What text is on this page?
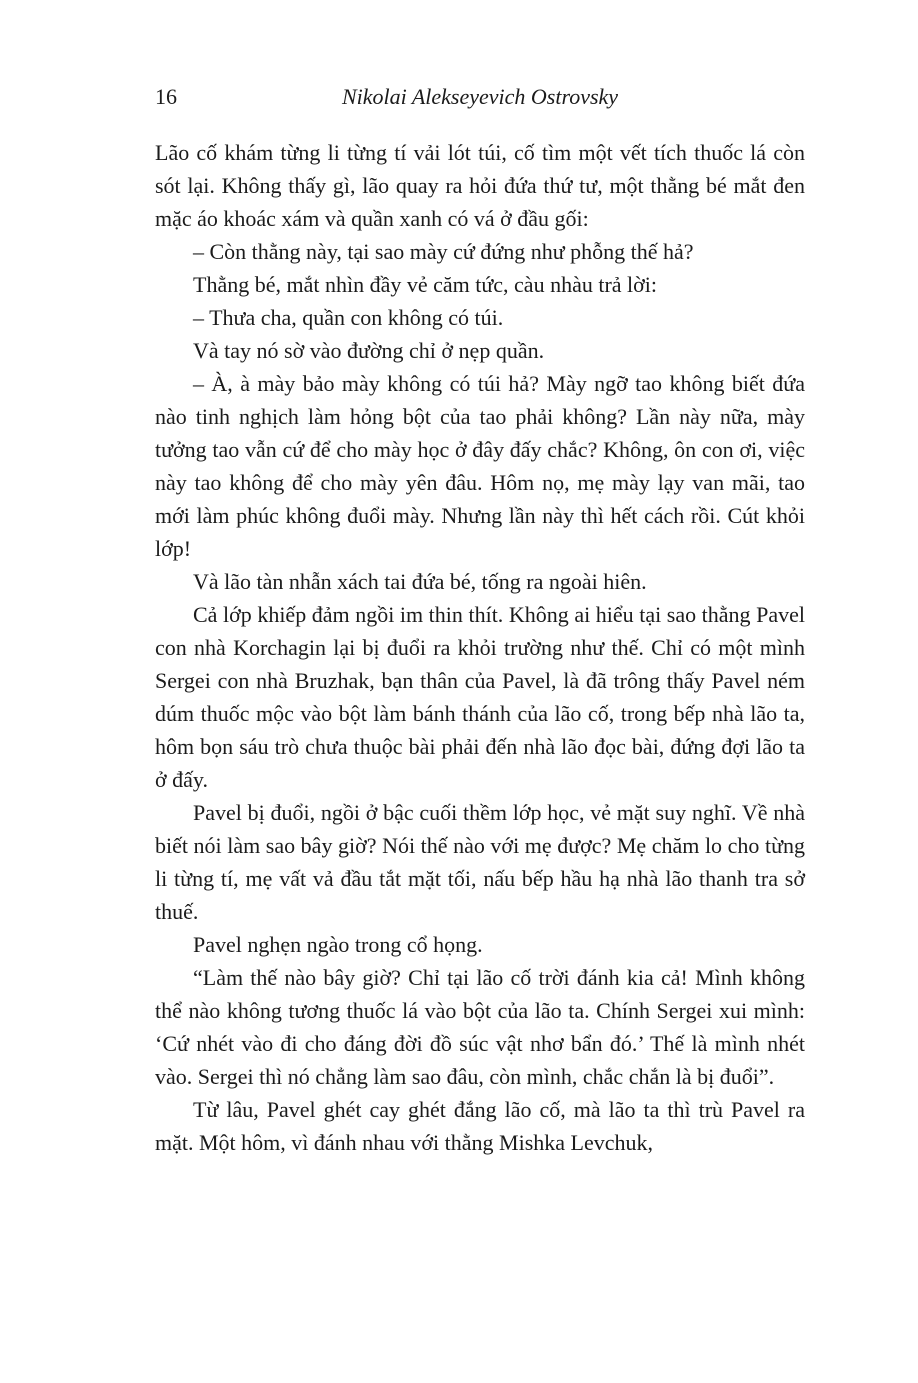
16	Nikolai Alekseyevich Ostrovsky

Lão cố khám từng li từng tí vải lót túi, cố tìm một vết tích thuốc lá còn sót lại. Không thấy gì, lão quay ra hỏi đứa thứ tư, một thằng bé mắt đen mặc áo khoác xám và quần xanh có vá ở đầu gối:

– Còn thằng này, tại sao mày cứ đứng như phỗng thế hả?

Thằng bé, mắt nhìn đầy vẻ căm tức, càu nhàu trả lời:

– Thưa cha, quần con không có túi.

Và tay nó sờ vào đường chỉ ở nẹp quần.

– À, à mày bảo mày không có túi hả? Mày ngỡ tao không biết đứa nào tinh nghịch làm hỏng bột của tao phải không? Lần này nữa, mày tưởng tao vẫn cứ để cho mày học ở đây đấy chắc? Không, ôn con ơi, việc này tao không để cho mày yên đâu. Hôm nọ, mẹ mày lạy van mãi, tao mới làm phúc không đuổi mày. Nhưng lần này thì hết cách rồi. Cút khỏi lớp!

Và lão tàn nhẫn xách tai đứa bé, tống ra ngoài hiên.

Cả lớp khiếp đảm ngồi im thin thít. Không ai hiểu tại sao thằng Pavel con nhà Korchagin lại bị đuổi ra khỏi trường như thế. Chỉ có một mình Sergei con nhà Bruzhak, bạn thân của Pavel, là đã trông thấy Pavel ném dúm thuốc mộc vào bột làm bánh thánh của lão cố, trong bếp nhà lão ta, hôm bọn sáu trò chưa thuộc bài phải đến nhà lão đọc bài, đứng đợi lão ta ở đấy.

Pavel bị đuổi, ngồi ở bậc cuối thềm lớp học, vẻ mặt suy nghĩ. Về nhà biết nói làm sao bây giờ? Nói thế nào với mẹ được? Mẹ chăm lo cho từng li từng tí, mẹ vất vả đầu tắt mặt tối, nấu bếp hầu hạ nhà lão thanh tra sở thuế.

Pavel nghẹn ngào trong cổ họng.

“Làm thế nào bây giờ? Chỉ tại lão cố trời đánh kia cả! Mình không thể nào không tương thuốc lá vào bột của lão ta. Chính Sergei xui mình: ‘Cứ nhét vào đi cho đáng đời đồ súc vật nhơ bẩn đó.’ Thế là mình nhét vào. Sergei thì nó chẳng làm sao đâu, còn mình, chắc chắn là bị đuổi”.

Từ lâu, Pavel ghét cay ghét đắng lão cố, mà lão ta thì trù Pavel ra mặt. Một hôm, vì đánh nhau với thằng Mishka Levchuk,
